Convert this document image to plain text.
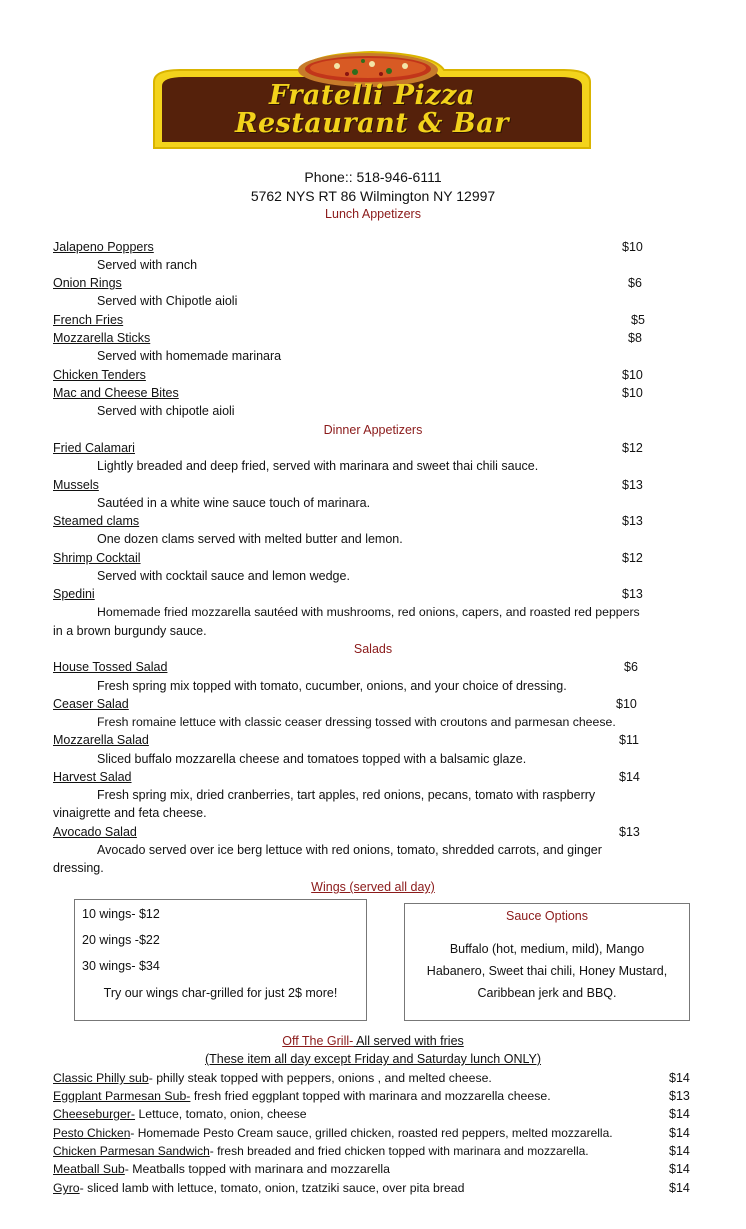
Fratelli Pizza
Restaurant & Bar
Phone:: 518-946-6111
5762 NYS RT 86 Wilmington NY 12997
Lunch Appetizers
Jalapeno Poppers	$10
Served with ranch
Onion Rings	$6
Served with Chipotle aioli
French Fries	$5
Mozzarella Sticks	$8
Served with homemade marinara
Chicken Tenders	$10
Mac and Cheese Bites	$10
Served with chipotle aioli
Dinner Appetizers
Fried Calamari	$12
Lightly breaded and deep fried, served with marinara and sweet thai chili sauce.
Mussels	$13
Sautéed in a white wine sauce touch of marinara.
Steamed clams	$13
One dozen clams served with melted butter and lemon.
Shrimp Cocktail	$12
Served with cocktail sauce and lemon wedge.
Spedini	$13
Homemade fried mozzarella sautéed with mushrooms, red onions, capers, and roasted red peppers
in a brown burgundy sauce.
Salads
House Tossed Salad	$6
Fresh spring mix topped with tomato, cucumber, onions, and your choice of dressing.
Ceaser Salad	$10
Fresh romaine lettuce with classic ceaser dressing tossed with croutons and parmesan cheese.
Mozzarella Salad	$11
Sliced buffalo mozzarella cheese and tomatoes topped with a balsamic glaze.
Harvest Salad	$14
Fresh spring mix, dried cranberries, tart apples, red onions, pecans, tomato with raspberry
vinaigrette and feta cheese.
Avocado Salad	$13
Avocado served over ice berg lettuce with red onions, tomato, shredded carrots, and ginger
dressing.
Wings (served all day)
10 wings- $12
20 wings -$22
30 wings- $34
Try our wings char-grilled for just 2$ more!
Sauce Options
Buffalo (hot, medium, mild), Mango
Habanero, Sweet thai chili, Honey Mustard,
Caribbean jerk and BBQ.
Off The Grill- All served with fries
(These item all day except Friday and Saturday lunch ONLY)
Classic Philly sub- philly steak topped with peppers, onions , and melted cheese.	$14
Eggplant Parmesan Sub- fresh fried eggplant topped with marinara and mozzarella cheese.	$13
Cheeseburger- Lettuce, tomato, onion, cheese	$14
Pesto Chicken- Homemade Pesto Cream sauce, grilled chicken, roasted red peppers, melted mozzarella.	$14
Chicken Parmesan Sandwich- fresh breaded and fried chicken topped with marinara and mozzarella.	$14
Meatball Sub- Meatballs topped with marinara and mozzarella	$14
Gyro- sliced lamb with lettuce, tomato, onion, tzatziki sauce, over pita bread	$14
